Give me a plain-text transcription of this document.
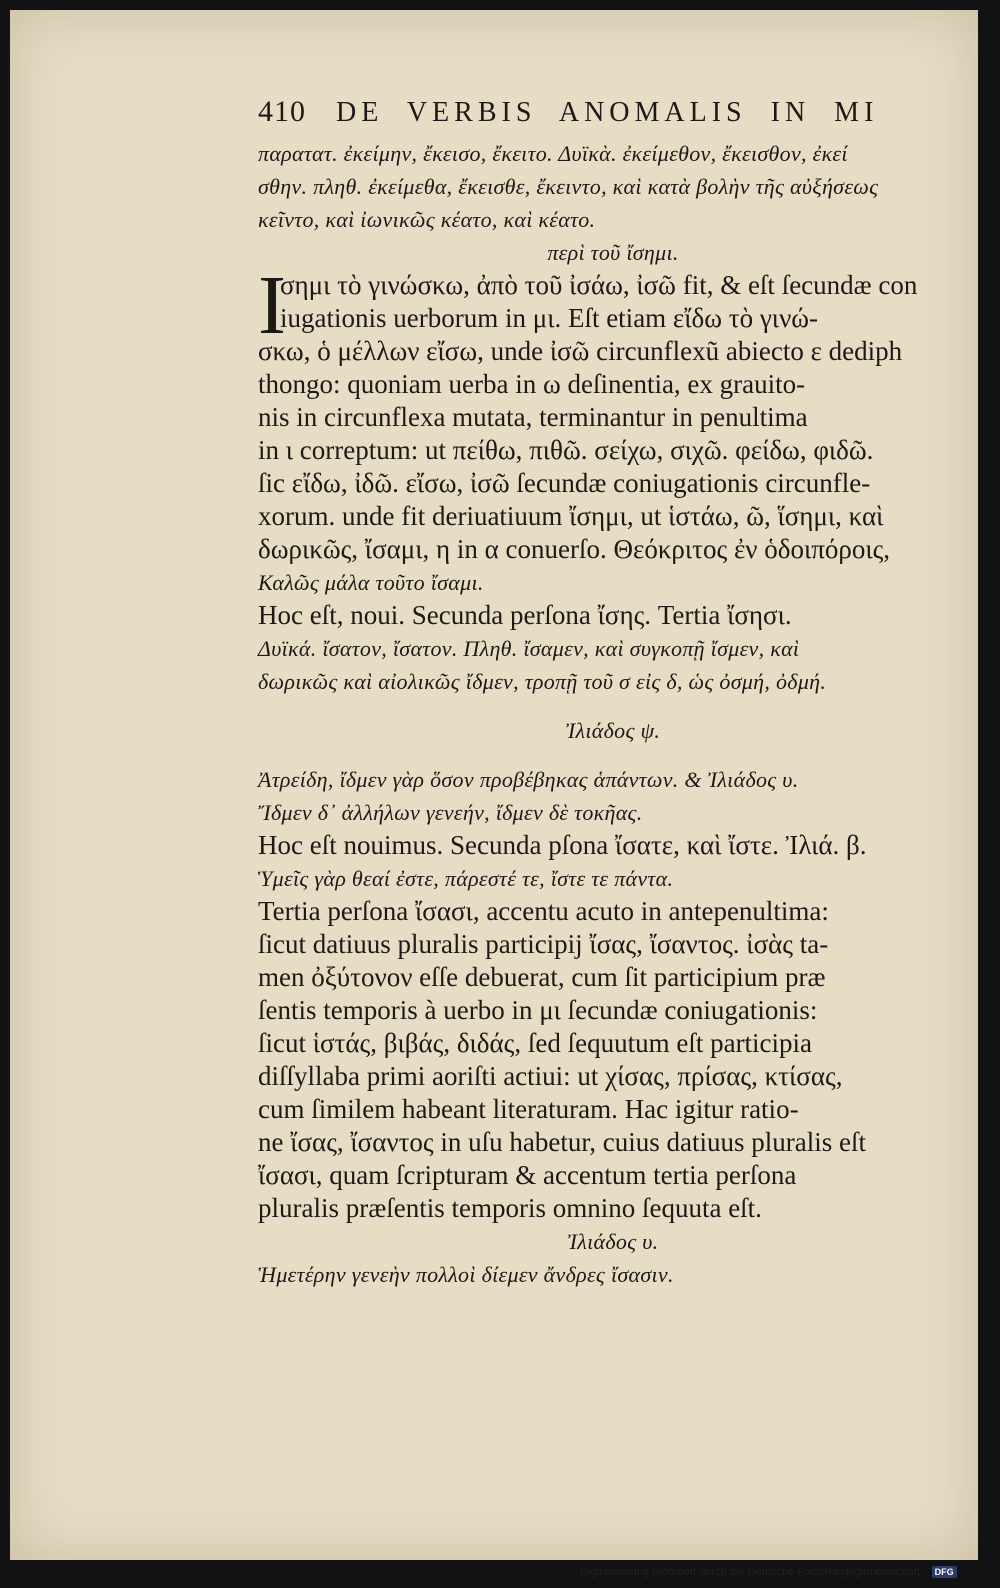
410 DE VERBIS ANOMALIS IN MI
παρατατ. ἐκείμην, ἔκεισο, ἔκειτο. Δυϊκὰ. ἐκείμεθον, ἔκεισθον, ἐκεί
σθην. πληθ. ἐκείμεθα, ἔκεισθε, ἔκειντο, καὶ κατὰ βολὴν τῆς αὐξήσεως
κεῖντο, καὶ ἰωνικῶς κέατο, καὶ κέατο.
περὶ τοῦ ἴσημι.
I
σημι τὸ γινώσκω, ἀπὸ τοῦ ἰσάω, ἰσῶ fit, & eſt ſecundæ con
iugationis uerborum in μι. Eſt etiam εἴδω τὸ γινώ-
σκω, ὁ μέλλων εἴσω, unde ἰσῶ circunflexũ abiecto ε dediph
thongo: quoniam uerba in ω deſinentia, ex grauito-
nis in circunflexa mutata, terminantur in penultima
in ι correptum: ut πείθω, πιθῶ. σείχω, σιχῶ. φείδω, φιδῶ.
ſic εἴδω, ἰδῶ. εἴσω, ἰσῶ ſecundæ coniugationis circunfle-
xorum. unde fit deriuatiuum ἴσημι, ut ἱστάω, ῶ, ἵσημι, καὶ
δωρικῶς, ἴσαμι, η in α conuerſo. Θεόκριτος ἐν ὁδοιπόροις,
Καλῶς μάλα τοῦτο ἴσαμι.
Hoc eſt, noui. Secunda perſona ἴσης. Tertia ἴσησι.
Δυϊκά. ἴσατον, ἴσατον. Πληθ. ἴσαμεν, καὶ συγκοπῇ ἴσμεν, καὶ
δωρικῶς καὶ αἰολικῶς ἴδμεν, τροπῇ τοῦ σ εἰς δ, ὡς ὀσμή, ὀδμή.
Ἰλιάδος ψ.
Ἀτρείδη, ἴδμεν γὰρ ὅσον προβέβηκας ἁπάντων. & Ἰλιάδος υ.
Ἴδμεν δ᾽ ἀλλήλων γενεήν, ἴδμεν δὲ τοκῆας.
Hoc eſt nouimus. Secunda pſona ἴσατε, καὶ ἴστε. Ἰλιά. β.
Ὑμεῖς γὰρ θεαί ἐστε, πάρεστέ τε, ἴστε τε πάντα.
Tertia perſona ἴσασι, accentu acuto in antepenultima:
ſicut datiuus pluralis participij ἴσας, ἴσαντος. ἰσὰς ta-
men ὀξύτονον eſſe debuerat, cum ſit participium præ
ſentis temporis à uerbo in μι ſecundæ coniugationis:
ſicut ἱστάς, βιβάς, διδάς, ſed ſequutum eſt participia
diſſyllaba primi aoriſti actiui: ut χίσας, πρίσας, κτίσας,
cum ſimilem habeant literaturam. Hac igitur ratio-
ne ἴσας, ἴσαντος in uſu habetur, cuius datiuus pluralis eſt
ἴσασι, quam ſcripturam & accentum tertia perſona
pluralis præſentis temporis omnino ſequuta eſt.
Ἰλιάδος υ.
Ἡμετέρην γενεὴν πολλοὶ δίεμεν ἄνδρες ἴσασιν.
Digitalisierung gefördert durch die Deutsche Forschungsgemeinschaft · DFG
